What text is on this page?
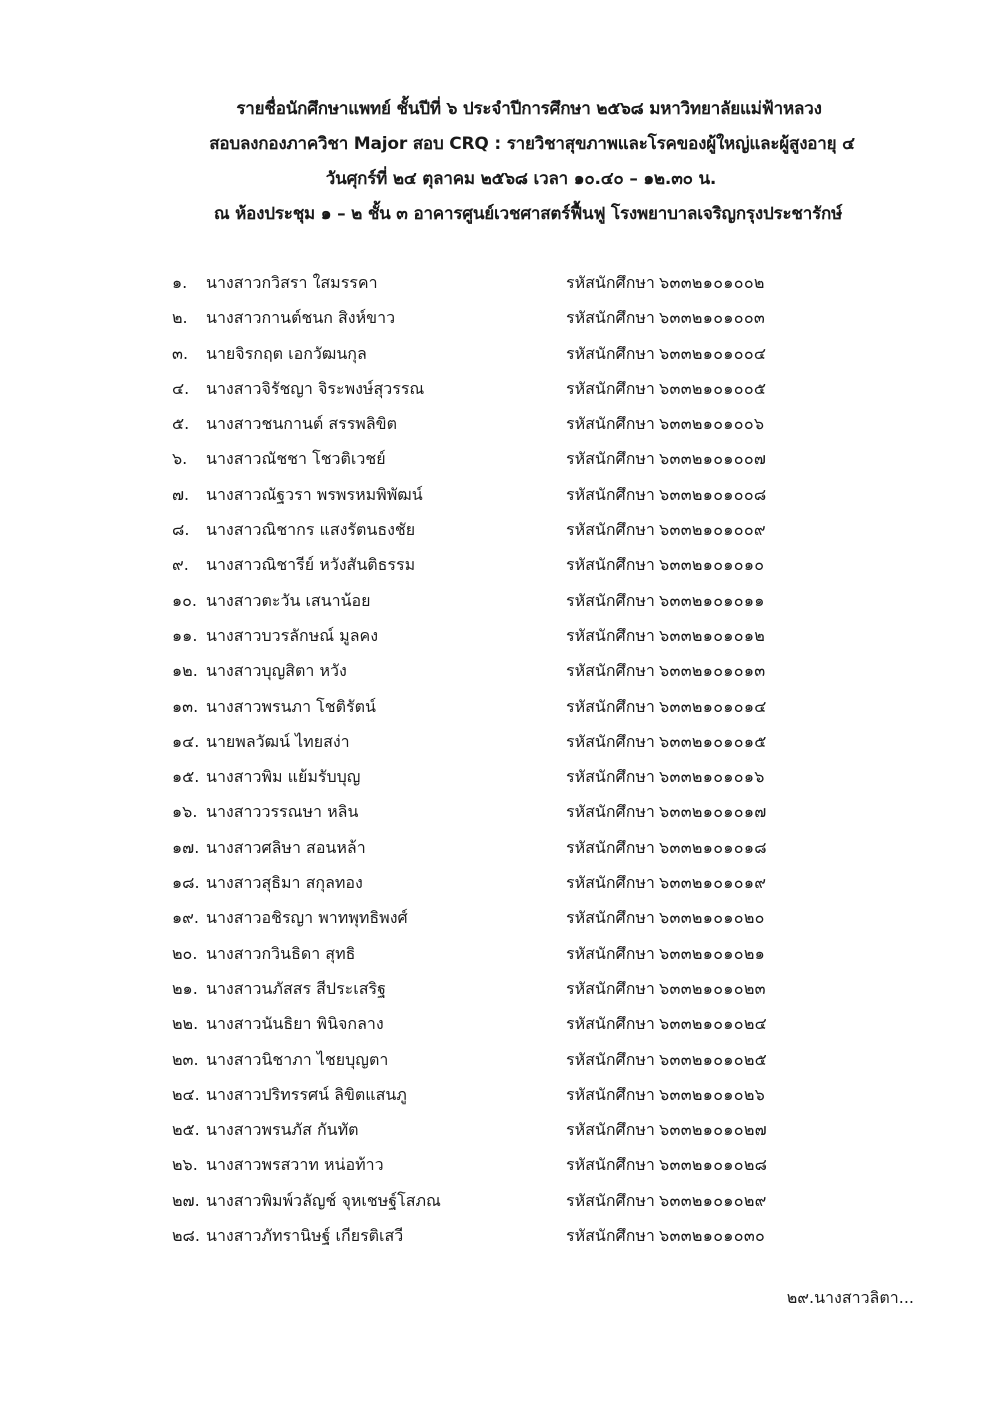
รายชื่อนักศึกษาแพทย์ ชั้นปีที่ ๖ ประจำปีการศึกษา ๒๕๖๘ มหาวิทยาลัยแม่ฟ้าหลวง
สอบลงกองภาควิชา Major สอบ CRQ : รายวิชาสุขภาพและโรคของผู้ใหญ่และผู้สูงอายุ ๔
วันศุกร์ที่ ๒๔ ตุลาคม ๒๕๖๘ เวลา ๑๐.๔๐ – ๑๒.๓๐ น.
ณ ห้องประชุม ๑ – ๒ ชั้น ๓ อาคารศูนย์เวชศาสตร์ฟื้นฟู โรงพยาบาลเจริญกรุงประชารักษ์
๑. นางสาวกวิสรา ใสมรรคา	รหัสนักศึกษา ๖๓๓๒๑๐๑๐๐๒
๒. นางสาวกานต์ชนก สิงห์ขาว	รหัสนักศึกษา ๖๓๓๒๑๐๑๐๐๓
๓. นายจิรกฤต เอกวัฒนกุล	รหัสนักศึกษา ๖๓๓๒๑๐๑๐๐๔
๔. นางสาวจิรัชญา จิระพงษ์สุวรรณ	รหัสนักศึกษา ๖๓๓๒๑๐๑๐๐๕
๕. นางสาวชนกานต์ สรรพลิขิต	รหัสนักศึกษา ๖๓๓๒๑๐๑๐๐๖
๖. นางสาวณัชชา โชวติเวชย์	รหัสนักศึกษา ๖๓๓๒๑๐๑๐๐๗
๗. นางสาวณัฐวรา พรพรหมพิพัฒน์	รหัสนักศึกษา ๖๓๓๒๑๐๑๐๐๘
๘. นางสาวณิชากร แสงรัตนธงชัย	รหัสนักศึกษา ๖๓๓๒๑๐๑๐๐๙
๙. นางสาวณิชารีย์ หวังสันติธรรม	รหัสนักศึกษา ๖๓๓๒๑๐๑๐๑๐
๑๐. นางสาวตะวัน เสนาน้อย	รหัสนักศึกษา ๖๓๓๒๑๐๑๐๑๑
๑๑. นางสาวบวรลักษณ์ มูลคง	รหัสนักศึกษา ๖๓๓๒๑๐๑๐๑๒
๑๒. นางสาวบุญสิตา หวัง	รหัสนักศึกษา ๖๓๓๒๑๐๑๐๑๓
๑๓. นางสาวพรนภา โชติรัตน์	รหัสนักศึกษา ๖๓๓๒๑๐๑๐๑๔
๑๔. นายพลวัฒน์ ไทยสง่า	รหัสนักศึกษา ๖๓๓๒๑๐๑๐๑๕
๑๕. นางสาวพิม แย้มรับบุญ	รหัสนักศึกษา ๖๓๓๒๑๐๑๐๑๖
๑๖. นางสาววรรณษา หลิน	รหัสนักศึกษา ๖๓๓๒๑๐๑๐๑๗
๑๗. นางสาวศลิษา สอนหล้า	รหัสนักศึกษา ๖๓๓๒๑๐๑๐๑๘
๑๘. นางสาวสุธิมา สกุลทอง	รหัสนักศึกษา ๖๓๓๒๑๐๑๐๑๙
๑๙. นางสาวอชิรญา พาทพุทธิพงศ์	รหัสนักศึกษา ๖๓๓๒๑๐๑๐๒๐
๒๐. นางสาวกวินธิดา สุทธิ	รหัสนักศึกษา ๖๓๓๒๑๐๑๐๒๑
๒๑. นางสาวนภัสสร สีประเสริฐ	รหัสนักศึกษา ๖๓๓๒๑๐๑๐๒๓
๒๒. นางสาวนันธิยา พินิจกลาง	รหัสนักศึกษา ๖๓๓๒๑๐๑๐๒๔
๒๓. นางสาวนิชาภา ไชยบุญตา	รหัสนักศึกษา ๖๓๓๒๑๐๑๐๒๕
๒๔. นางสาวปริทรรศน์ ลิขิตแสนภู	รหัสนักศึกษา ๖๓๓๒๑๐๑๐๒๖
๒๕. นางสาวพรนภัส กันทัต	รหัสนักศึกษา ๖๓๓๒๑๐๑๐๒๗
๒๖. นางสาวพรสวาท หน่อท้าว	รหัสนักศึกษา ๖๓๓๒๑๐๑๐๒๘
๒๗. นางสาวพิมพ์วลัญช์ จุหเชษฐ์โสภณ	รหัสนักศึกษา ๖๓๓๒๑๐๑๐๒๙
๒๘. นางสาวภัทรานิษฐ์ เกียรติเสวี	รหัสนักศึกษา ๖๓๓๒๑๐๑๐๓๐
๒๙.นางสาวลิตา...
